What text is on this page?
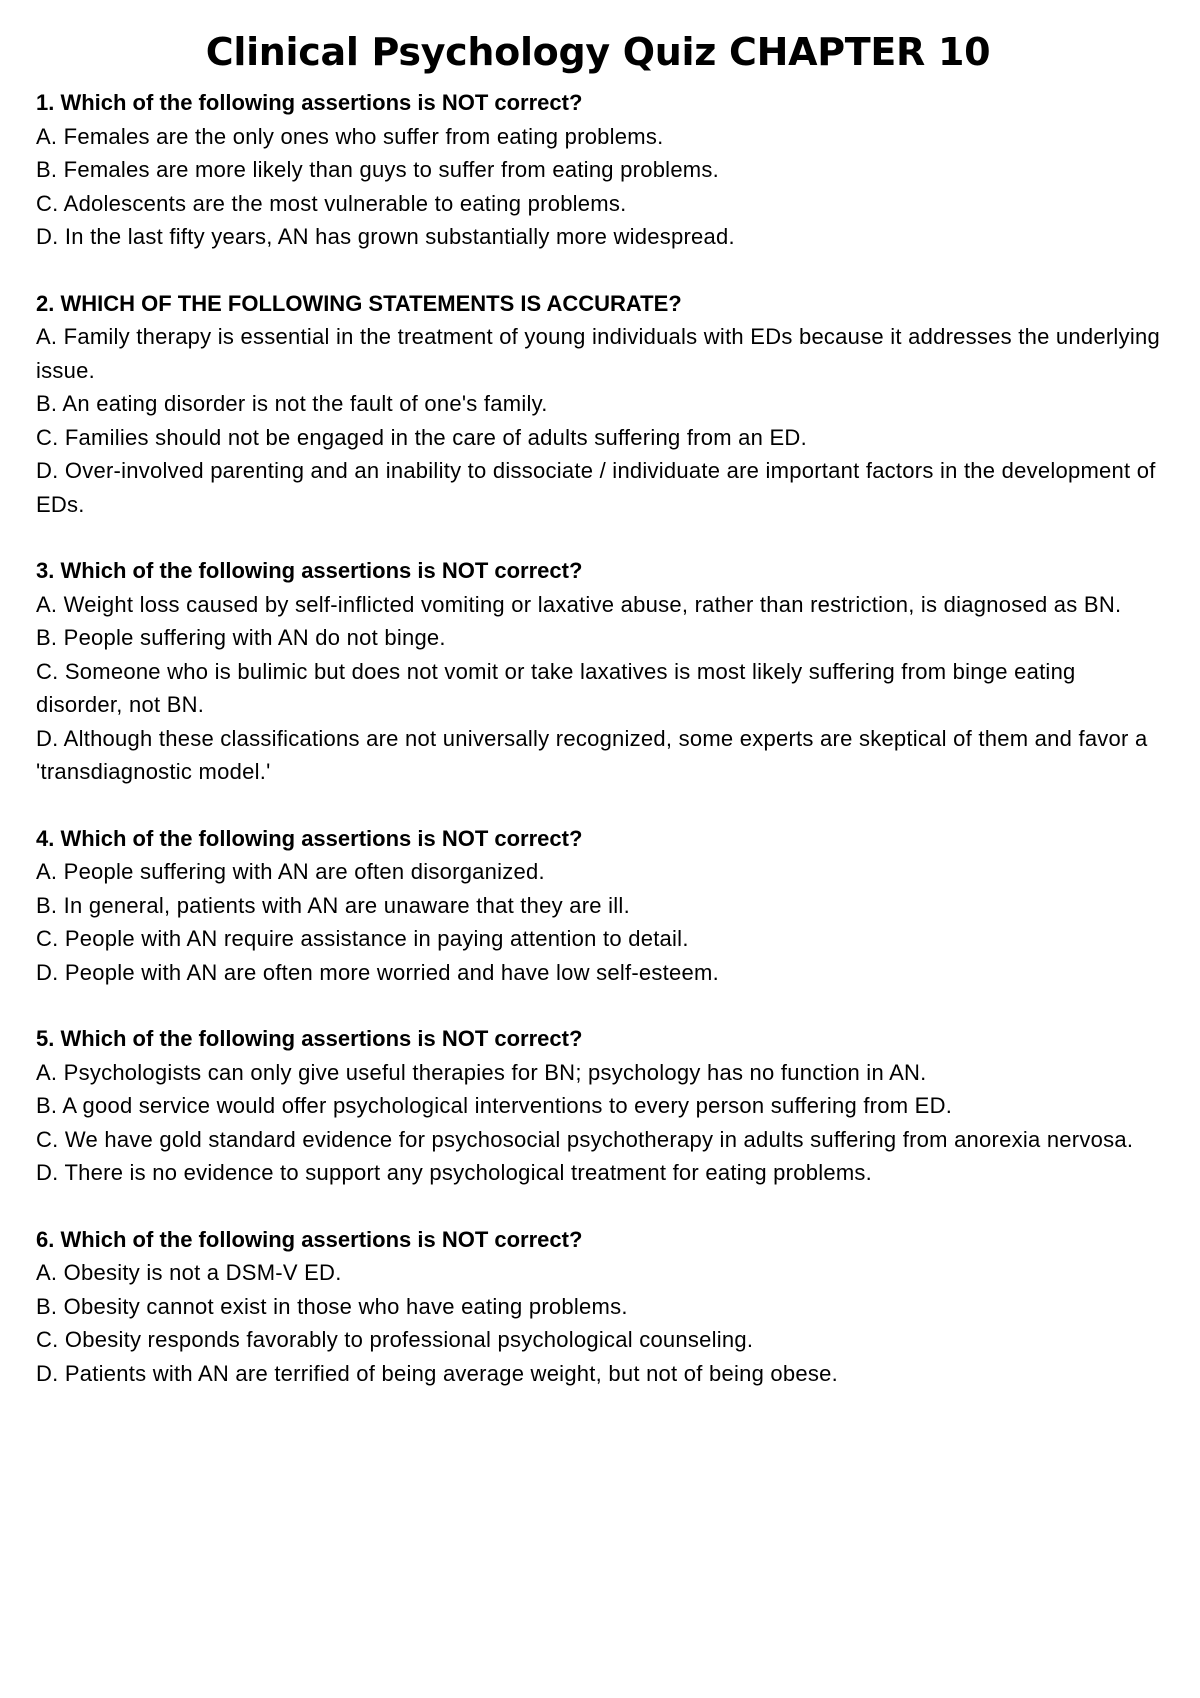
Clinical Psychology Quiz CHAPTER 10

1. Which of the following assertions is NOT correct?

A. Females are the only ones who suffer from eating problems.

B. Females are more likely than guys to suffer from eating problems.

C. Adolescents are the most vulnerable to eating problems.

D. In the last fifty years, AN has grown substantially more widespread.

2. WHICH OF THE FOLLOWING STATEMENTS IS ACCURATE?

A. Family therapy is essential in the treatment of young individuals with EDs because it addresses the underlying issue.

B. An eating disorder is not the fault of one's family.

C. Families should not be engaged in the care of adults suffering from an ED.

D. Over-involved parenting and an inability to dissociate / individuate are important factors in the development of EDs.

3. Which of the following assertions is NOT correct?

A. Weight loss caused by self-inflicted vomiting or laxative abuse, rather than restriction, is diagnosed as BN.

B. People suffering with AN do not binge.

C. Someone who is bulimic but does not vomit or take laxatives is most likely suffering from binge eating disorder, not BN.

D. Although these classifications are not universally recognized, some experts are skeptical of them and favor a 'transdiagnostic model.'

4. Which of the following assertions is NOT correct?

A. People suffering with AN are often disorganized.

B. In general, patients with AN are unaware that they are ill.

C. People with AN require assistance in paying attention to detail.

D. People with AN are often more worried and have low self-esteem.

5. Which of the following assertions is NOT correct?

A. Psychologists can only give useful therapies for BN; psychology has no function in AN.

B. A good service would offer psychological interventions to every person suffering from ED.

C. We have gold standard evidence for psychosocial psychotherapy in adults suffering from anorexia nervosa.

D. There is no evidence to support any psychological treatment for eating problems.

6. Which of the following assertions is NOT correct?

A. Obesity is not a DSM-V ED.

B. Obesity cannot exist in those who have eating problems.

C. Obesity responds favorably to professional psychological counseling.

D. Patients with AN are terrified of being average weight, but not of being obese.
